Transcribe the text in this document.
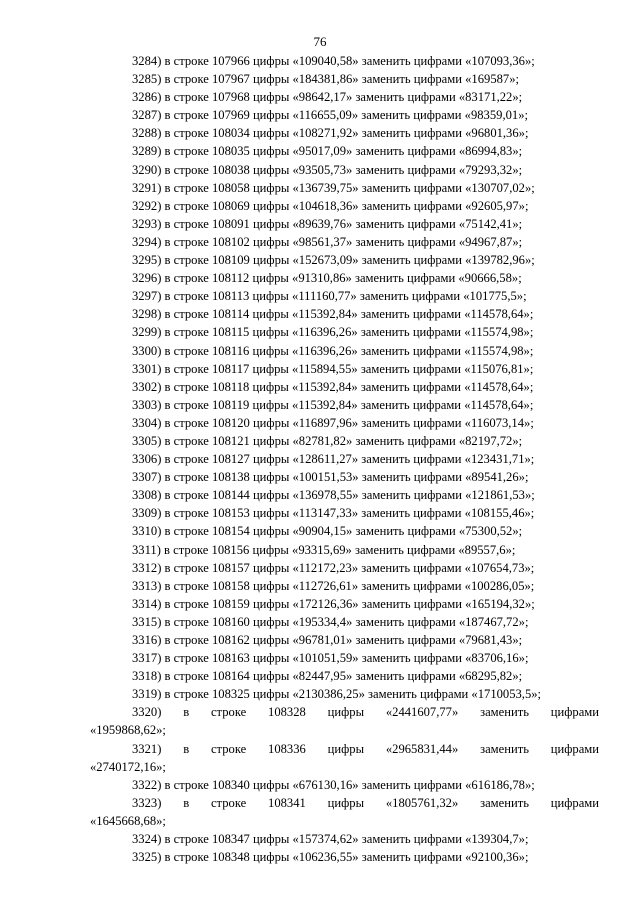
76
3284) в строке 107966 цифры «109040,58» заменить цифрами «107093,36»;
3285) в строке 107967 цифры «184381,86» заменить цифрами «169587»;
3286) в строке 107968 цифры «98642,17» заменить цифрами «83171,22»;
3287) в строке 107969 цифры «116655,09» заменить цифрами «98359,01»;
3288) в строке 108034 цифры «108271,92» заменить цифрами «96801,36»;
3289) в строке 108035 цифры «95017,09» заменить цифрами «86994,83»;
3290) в строке 108038 цифры «93505,73» заменить цифрами «79293,32»;
3291) в строке 108058 цифры «136739,75» заменить цифрами «130707,02»;
3292) в строке 108069 цифры «104618,36» заменить цифрами «92605,97»;
3293) в строке 108091 цифры «89639,76» заменить цифрами «75142,41»;
3294) в строке 108102 цифры «98561,37» заменить цифрами «94967,87»;
3295) в строке 108109 цифры «152673,09» заменить цифрами «139782,96»;
3296) в строке 108112 цифры «91310,86» заменить цифрами «90666,58»;
3297) в строке 108113 цифры «111160,77» заменить цифрами «101775,5»;
3298) в строке 108114 цифры «115392,84» заменить цифрами «114578,64»;
3299) в строке 108115 цифры «116396,26» заменить цифрами «115574,98»;
3300) в строке 108116 цифры «116396,26» заменить цифрами «115574,98»;
3301) в строке 108117 цифры «115894,55» заменить цифрами «115076,81»;
3302) в строке 108118 цифры «115392,84» заменить цифрами «114578,64»;
3303) в строке 108119 цифры «115392,84» заменить цифрами «114578,64»;
3304) в строке 108120 цифры «116897,96» заменить цифрами «116073,14»;
3305) в строке 108121 цифры «82781,82» заменить цифрами «82197,72»;
3306) в строке 108127 цифры «128611,27» заменить цифрами «123431,71»;
3307) в строке 108138 цифры «100151,53» заменить цифрами «89541,26»;
3308) в строке 108144 цифры «136978,55» заменить цифрами «121861,53»;
3309) в строке 108153 цифры «113147,33» заменить цифрами «108155,46»;
3310) в строке 108154 цифры «90904,15» заменить цифрами «75300,52»;
3311) в строке 108156 цифры «93315,69» заменить цифрами «89557,6»;
3312) в строке 108157 цифры «112172,23» заменить цифрами «107654,73»;
3313) в строке 108158 цифры «112726,61» заменить цифрами «100286,05»;
3314) в строке 108159 цифры «172126,36» заменить цифрами «165194,32»;
3315) в строке 108160 цифры «195334,4» заменить цифрами «187467,72»;
3316) в строке 108162 цифры «96781,01» заменить цифрами «79681,43»;
3317) в строке 108163 цифры «101051,59» заменить цифрами «83706,16»;
3318) в строке 108164 цифры «82447,95» заменить цифрами «68295,82»;
3319) в строке 108325 цифры «2130386,25» заменить цифрами «1710053,5»;
3320) в строке 108328 цифры «2441607,77» заменить цифрами
«1959868,62»;
3321) в строке 108336 цифры «2965831,44» заменить цифрами
«2740172,16»;
3322) в строке 108340 цифры «676130,16» заменить цифрами «616186,78»;
3323) в строке 108341 цифры «1805761,32» заменить цифрами
«1645668,68»;
3324) в строке 108347 цифры «157374,62» заменить цифрами «139304,7»;
3325) в строке 108348 цифры «106236,55» заменить цифрами «92100,36»;
